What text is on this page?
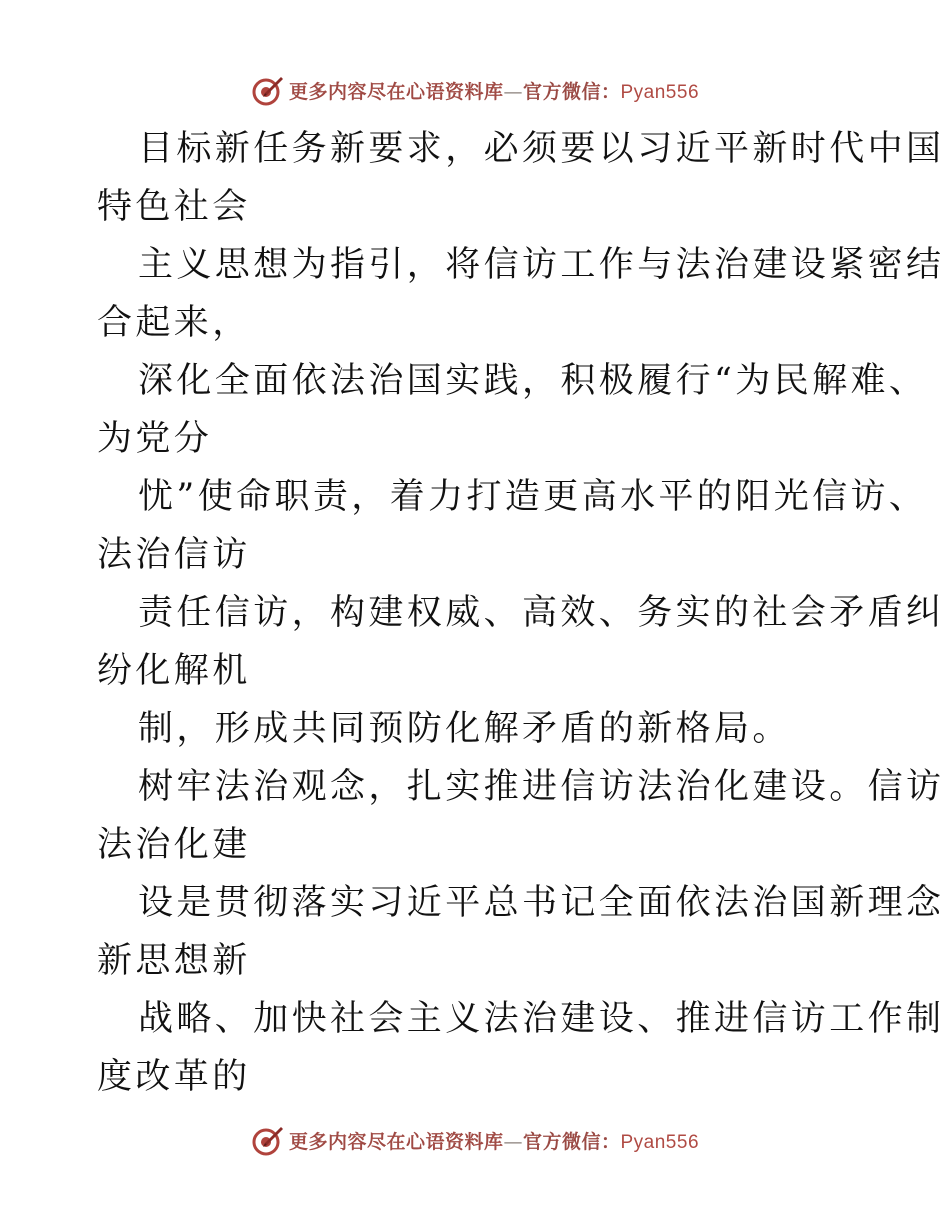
更多内容尽在心语资料库—官方微信：Pyan556
目标新任务新要求，必须要以习近平新时代中国
特色社会
主义思想为指引，将信访工作与法治建设紧密结
合起来，
深化全面依法治国实践，积极履行“为民解难、
为党分
忧”使命职责，着力打造更高水平的阳光信访、
法治信访
责任信访，构建权威、高效、务实的社会矛盾纠
纷化解机
制，形成共同预防化解矛盾的新格局。
树牢法治观念，扎实推进信访法治化建设。信访
法治化建
设是贯彻落实习近平总书记全面依法治国新理念
新思想新
战略、加快社会主义法治建设、推进信访工作制
度改革的
更多内容尽在心语资料库—官方微信：Pyan556
